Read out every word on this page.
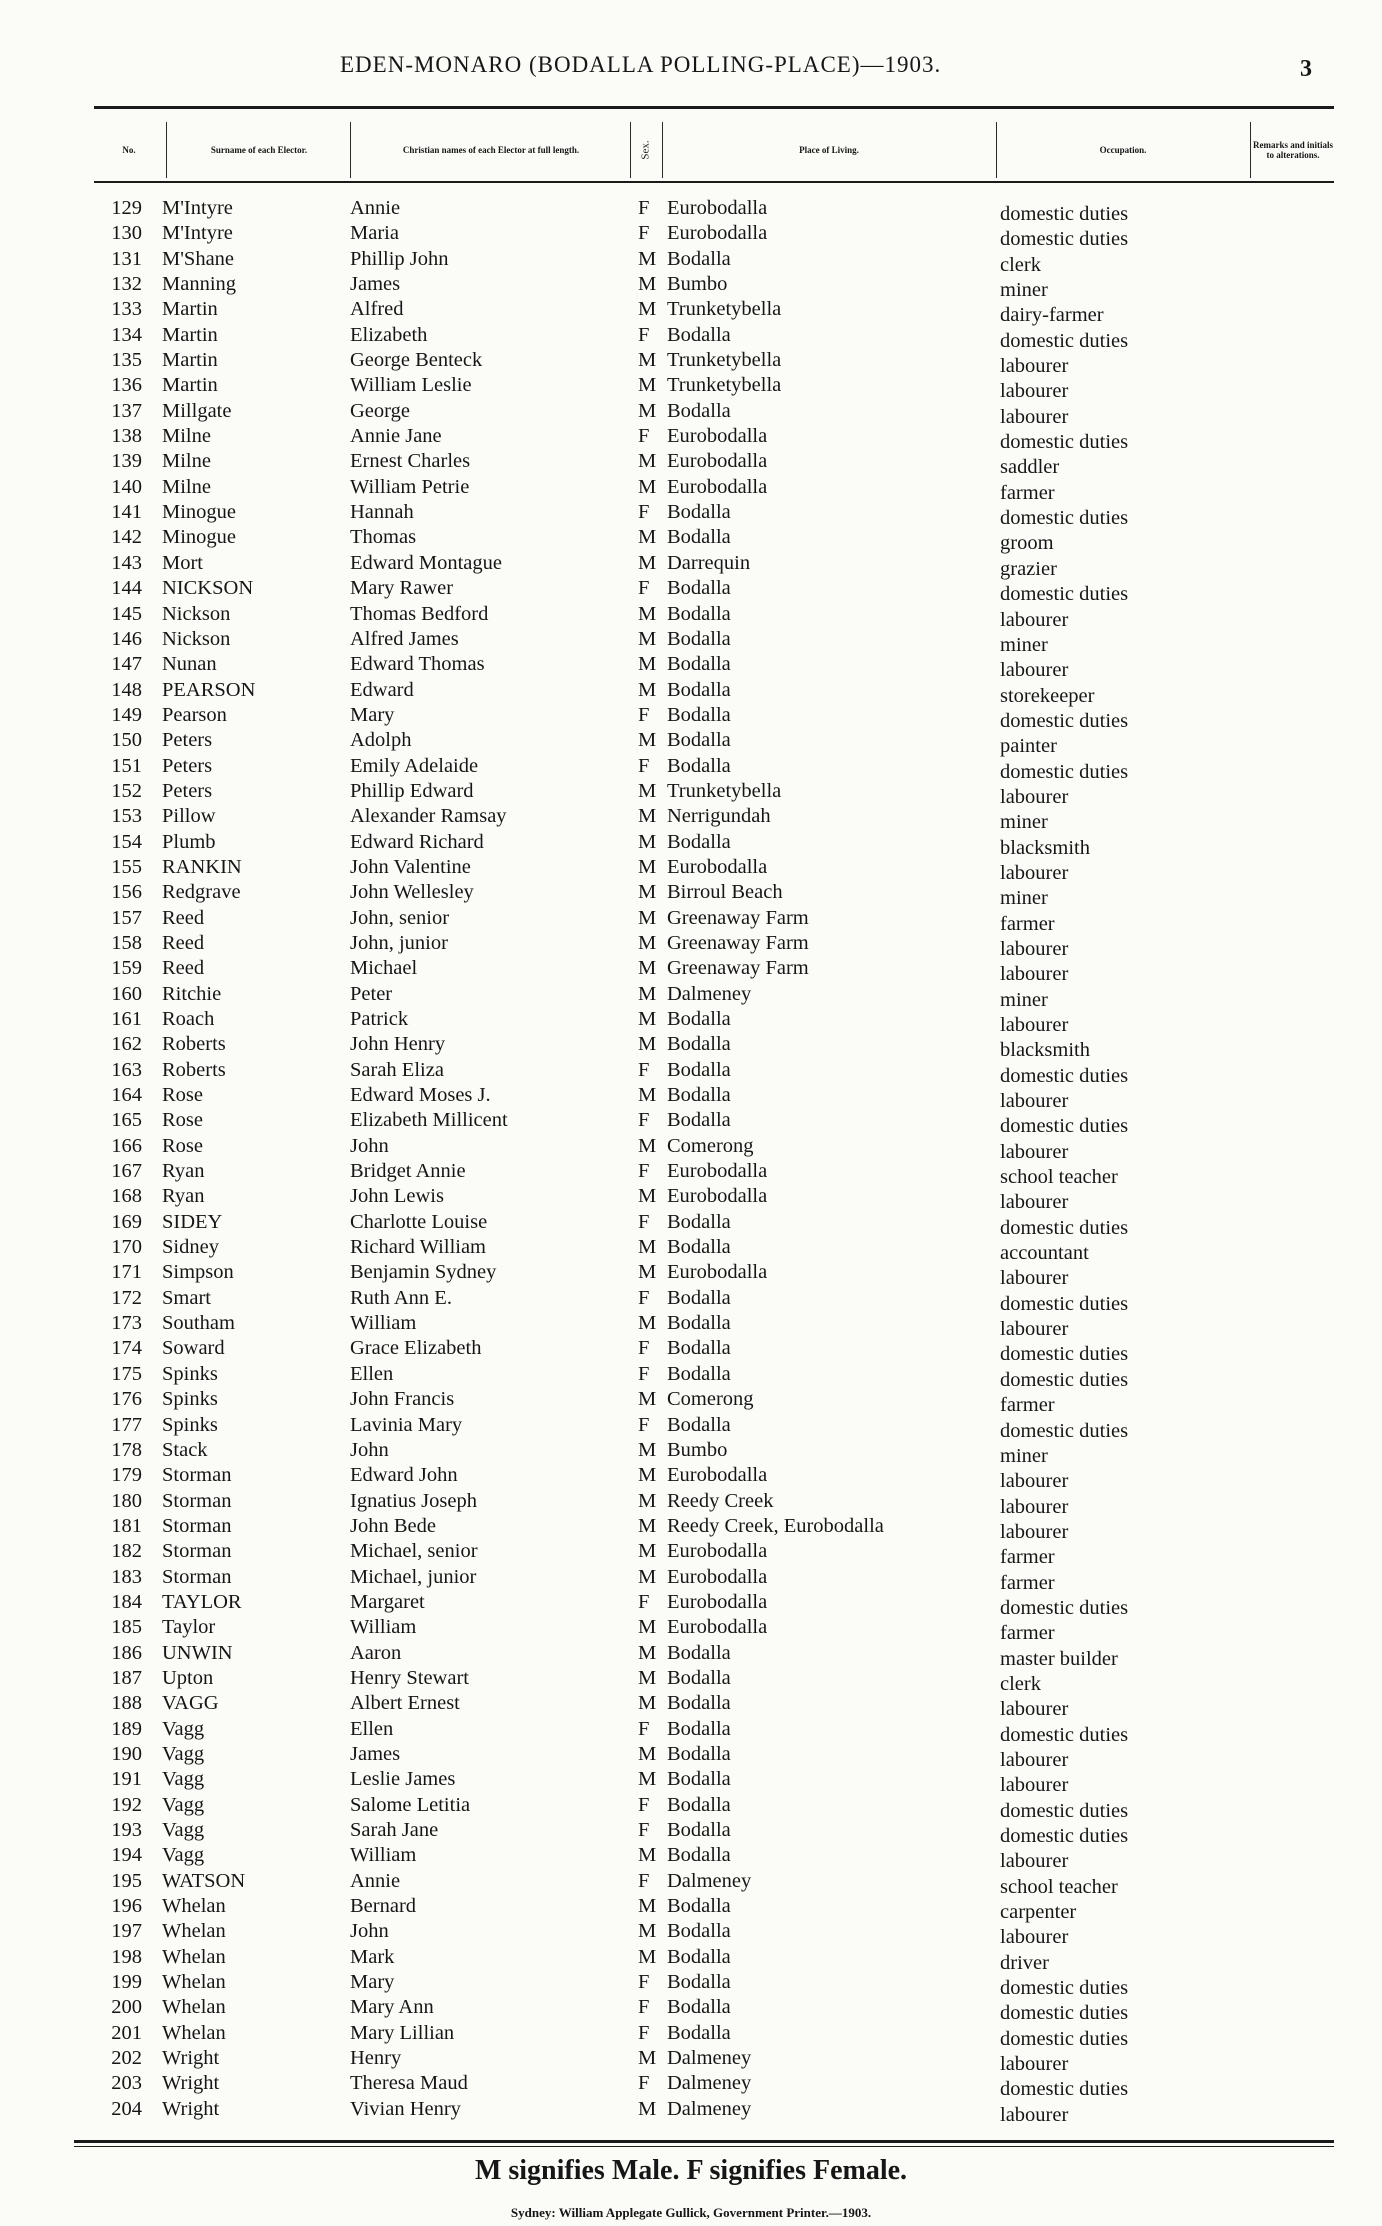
EDEN-MONARO (BODALLA POLLING-PLACE)—1903.	3
No.	Surname of each Elector.	Christian names of each Elector at full length.	Sex.	Place of Living.	Occupation.	Remarks and initials to alterations.
129 M'Intyre	Annie	F Eurobodalla	domestic duties
130 M'Intyre	Maria	F Eurobodalla	domestic duties
131 M'Shane	Phillip John	M Bodalla	clerk
132 Manning	James	M Bumbo	miner
133 Martin	Alfred	M Trunketybella	dairy-farmer
134 Martin	Elizabeth	F Bodalla	domestic duties
135 Martin	George Benteck	M Trunketybella	labourer
136 Martin	William Leslie	M Trunketybella	labourer
137 Millgate	George	M Bodalla	labourer
138 Milne	Annie Jane	F Eurobodalla	domestic duties
139 Milne	Ernest Charles	M Eurobodalla	saddler
140 Milne	William Petrie	M Eurobodalla	farmer
141 Minogue	Hannah	F Bodalla	domestic duties
142 Minogue	Thomas	M Bodalla	groom
143 Mort	Edward Montague	M Darrequin	grazier
144 NICKSON	Mary Rawer	F Bodalla	domestic duties
145 Nickson	Thomas Bedford	M Bodalla	labourer
146 Nickson	Alfred James	M Bodalla	miner
147 Nunan	Edward Thomas	M Bodalla	labourer
148 PEARSON	Edward	M Bodalla	storekeeper
149 Pearson	Mary	F Bodalla	domestic duties
150 Peters	Adolph	M Bodalla	painter
151 Peters	Emily Adelaide	F Bodalla	domestic duties
152 Peters	Phillip Edward	M Trunketybella	labourer
153 Pillow	Alexander Ramsay	M Nerrigundah	miner
154 Plumb	Edward Richard	M Bodalla	blacksmith
155 RANKIN	John Valentine	M Eurobodalla	labourer
156 Redgrave	John Wellesley	M Birroul Beach	miner
157 Reed	John, senior	M Greenaway Farm	farmer
158 Reed	John, junior	M Greenaway Farm	labourer
159 Reed	Michael	M Greenaway Farm	labourer
160 Ritchie	Peter	M Dalmeney	miner
161 Roach	Patrick	M Bodalla	labourer
162 Roberts	John Henry	M Bodalla	blacksmith
163 Roberts	Sarah Eliza	F Bodalla	domestic duties
164 Rose	Edward Moses J.	M Bodalla	labourer
165 Rose	Elizabeth Millicent	F Bodalla	domestic duties
166 Rose	John	M Comerong	labourer
167 Ryan	Bridget Annie	F Eurobodalla	school teacher
168 Ryan	John Lewis	M Eurobodalla	labourer
169 SIDEY	Charlotte Louise	F Bodalla	domestic duties
170 Sidney	Richard William	M Bodalla	accountant
171 Simpson	Benjamin Sydney	M Eurobodalla	labourer
172 Smart	Ruth Ann E.	F Bodalla	domestic duties
173 Southam	William	M Bodalla	labourer
174 Soward	Grace Elizabeth	F Bodalla	domestic duties
175 Spinks	Ellen	F Bodalla	domestic duties
176 Spinks	John Francis	M Comerong	farmer
177 Spinks	Lavinia Mary	F Bodalla	domestic duties
178 Stack	John	M Bumbo	miner
179 Storman	Edward John	M Eurobodalla	labourer
180 Storman	Ignatius Joseph	M Reedy Creek	labourer
181 Storman	John Bede	M Reedy Creek, Eurobodalla	labourer
182 Storman	Michael, senior	M Eurobodalla	farmer
183 Storman	Michael, junior	M Eurobodalla	farmer
184 TAYLOR	Margaret	F Eurobodalla	domestic duties
185 Taylor	William	M Eurobodalla	farmer
186 UNWIN	Aaron	M Bodalla	master builder
187 Upton	Henry Stewart	M Bodalla	clerk
188 VAGG	Albert Ernest	M Bodalla	labourer
189 Vagg	Ellen	F Bodalla	domestic duties
190 Vagg	James	M Bodalla	labourer
191 Vagg	Leslie James	M Bodalla	labourer
192 Vagg	Salome Letitia	F Bodalla	domestic duties
193 Vagg	Sarah Jane	F Bodalla	domestic duties
194 Vagg	William	M Bodalla	labourer
195 WATSON	Annie	F Dalmeney	school teacher
196 Whelan	Bernard	M Bodalla	carpenter
197 Whelan	John	M Bodalla	labourer
198 Whelan	Mark	M Bodalla	driver
199 Whelan	Mary	F Bodalla	domestic duties
200 Whelan	Mary Ann	F Bodalla	domestic duties
201 Whelan	Mary Lillian	F Bodalla	domestic duties
202 Wright	Henry	M Dalmeney	labourer
203 Wright	Theresa Maud	F Dalmeney	domestic duties
204 Wright	Vivian Henry	M Dalmeney	labourer
M signifies Male. F signifies Female.
Sydney: William Applegate Gullick, Government Printer.—1903.
